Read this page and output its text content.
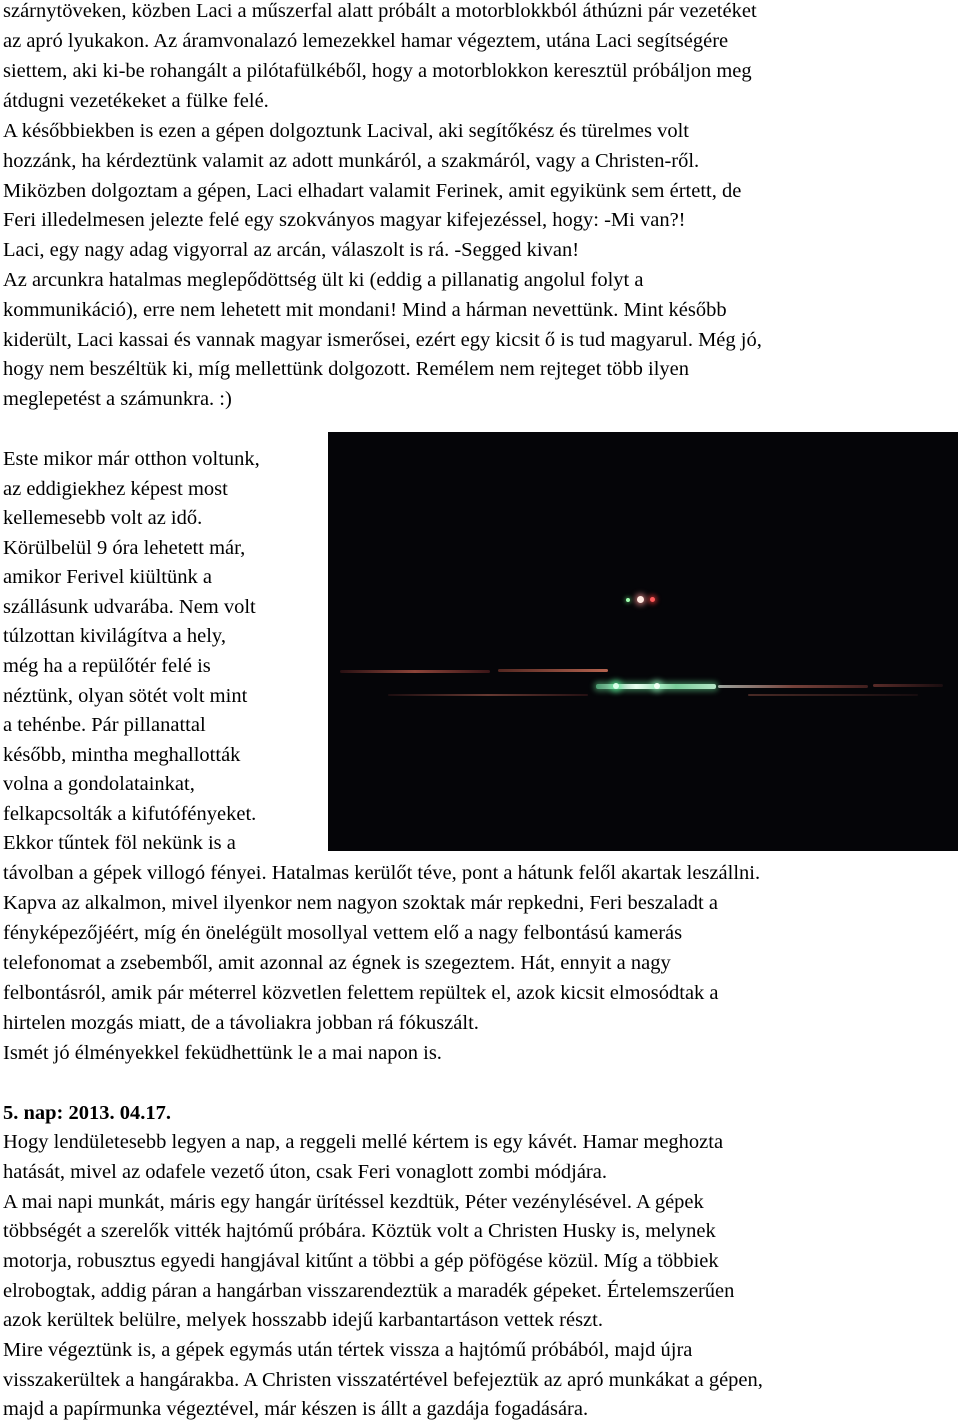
szárnytöveken, közben Laci a műszerfal alatt próbált a motorblokkból áthúzni pár vezetéket
az apró lyukakon. Az áramvonalazó lemezekkel hamar végeztem, utána Laci segítségére
siettem, aki ki-be rohangált a pilótafülkéből, hogy a motorblokkon keresztül próbáljon meg
átdugni vezetékeket a fülke felé.
A későbbiekben is ezen a gépen dolgoztunk Lacival, aki segítőkész és türelmes volt
hozzánk, ha kérdeztünk valamit az adott munkáról, a szakmáról, vagy a Christen-ről.
Miközben dolgoztam a gépen, Laci elhadart valamit Ferinek, amit egyikünk sem értett, de
Feri illedelmesen jelezte felé egy szokványos magyar kifejezéssel, hogy: -Mi van?!
Laci, egy nagy adag vigyorral az arcán, válaszolt is rá. -Segged kivan!
Az arcunkra hatalmas meglepődöttség ült ki (eddig a pillanatig angolul folyt a
kommunikáció), erre nem lehetett mit mondani! Mind a hárman nevettünk. Mint később
kiderült, Laci kassai és vannak magyar ismerősei, ezért egy kicsit ő is tud magyarul. Még jó,
hogy nem beszéltük ki, míg mellettünk dolgozott. Remélem nem rejteget több ilyen
meglepetést a számunkra. :)
Este mikor már otthon voltunk,
az eddigiekhez képest most
kellemesebb volt az idő.
Körülbelül 9 óra lehetett már,
amikor Ferivel kiültünk a
szállásunk udvarába. Nem volt
túlzottan kivilágítva a hely,
még ha a repülőtér felé is
néztünk, olyan sötét volt mint
a tehénbe. Pár pillanattal
később, mintha meghallották
volna a gondolatainkat,
felkapcsolták a kifutófényeket.
Ekkor tűntek föl nekünk is a
távolban a gépek villogó fényei. Hatalmas kerülőt téve, pont a hátunk felől akartak leszállni.
Kapva az alkalmon, mivel ilyenkor nem nagyon szoktak már repkedni, Feri beszaladt a
fényképezőjéért, míg én önelégült mosollyal vettem elő a nagy felbontású kamerás
telefonomat a zsebemből, amit azonnal az égnek is szegeztem. Hát, ennyit a nagy
felbontásról, amik pár méterrel közvetlen felettem repültek el, azok kicsit elmosódtak a
hirtelen mozgás miatt, de a távoliakra jobban rá fókuszált.
Ismét jó élményekkel feküdhettünk le a mai napon is.
5. nap: 2013. 04.17.
Hogy lendületesebb legyen a nap, a reggeli mellé kértem is egy kávét. Hamar meghozta
hatását, mivel az odafele vezető úton, csak Feri vonaglott zombi módjára.
A mai napi munkát, máris egy hangár ürítéssel kezdtük, Péter vezénylésével. A gépek
többségét a szerelők vitték hajtómű próbára. Köztük volt a Christen Husky is, melynek
motorja, robusztus egyedi hangjával kitűnt a többi a gép pöfögése közül. Míg a többiek
elrobogtak, addig páran a hangárban visszarendeztük a maradék gépeket. Értelemszerűen
azok kerültek belülre, melyek hosszabb idejű karbantartáson vettek részt.
Mire végeztünk is, a gépek egymás után tértek vissza a hajtómű próbából, majd újra
visszakerültek a hangárakba. A Christen visszatértével befejeztük az apró munkákat a gépen,
majd a papírmunka végeztével, már készen is állt a gazdája fogadására.
